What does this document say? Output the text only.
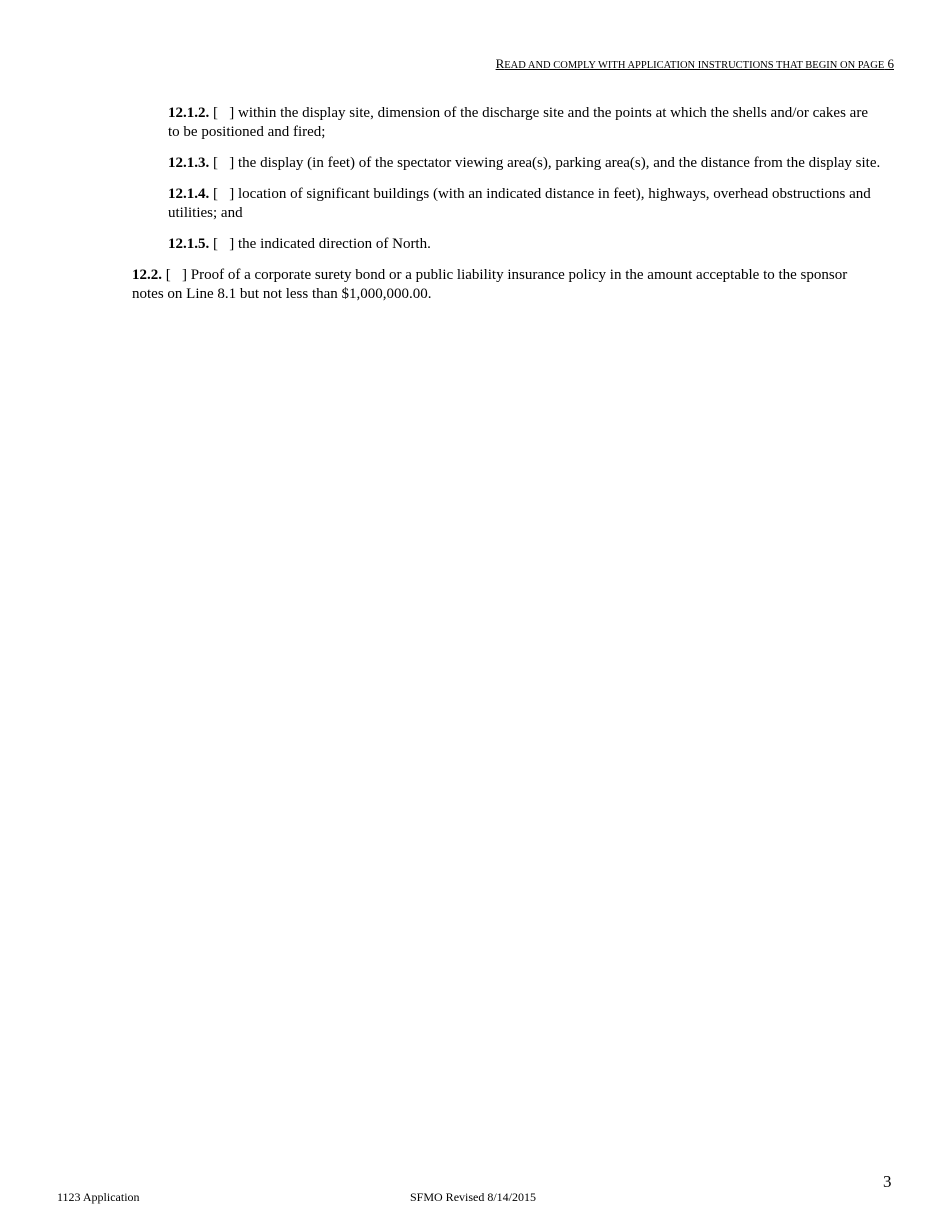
READ AND COMPLY WITH APPLICATION INSTRUCTIONS THAT BEGIN ON PAGE 6

12.1.2. [   ] within the display site, dimension of the discharge site and the points at which the shells and/or cakes are to be positioned and fired;

12.1.3. [   ] the display (in feet) of the spectator viewing area(s), parking area(s), and the distance from the display site.

12.1.4. [   ] location of significant buildings (with an indicated distance in feet), highways, overhead obstructions and utilities; and

12.1.5. [   ] the indicated direction of North.

12.2. [   ] Proof of a corporate surety bond or a public liability insurance policy in the amount acceptable to the sponsor notes on Line 8.1 but not less than $1,000,000.00.

3
1123 Application	SFMO Revised 8/14/2015
